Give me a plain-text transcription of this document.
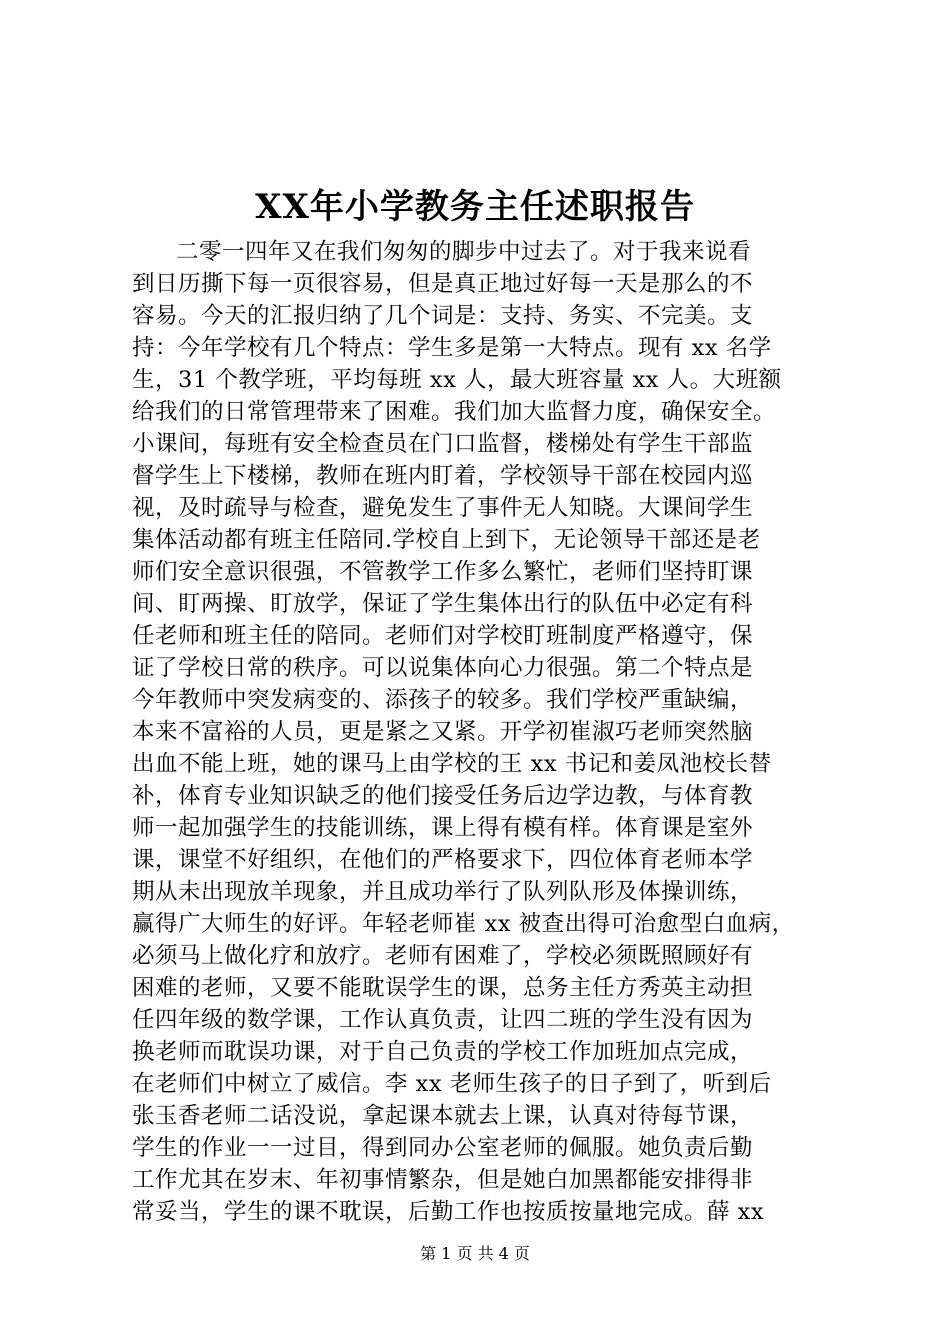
XX年小学教务主任述职报告
二零一四年又在我们匆匆的脚步中过去了。对于我来说看
到日历撕下每一页很容易，但是真正地过好每一天是那么的不
容易。今天的汇报归纳了几个词是：支持、务实、不完美。支
持：今年学校有几个特点：学生多是第一大特点。现有 xx 名学
生，31 个教学班，平均每班 xx 人，最大班容量 xx 人。大班额
给我们的日常管理带来了困难。我们加大监督力度，确保安全。
小课间，每班有安全检查员在门口监督，楼梯处有学生干部监
督学生上下楼梯，教师在班内盯着，学校领导干部在校园内巡
视，及时疏导与检查，避免发生了事件无人知晓。大课间学生
集体活动都有班主任陪同.学校自上到下，无论领导干部还是老
师们安全意识很强，不管教学工作多么繁忙，老师们坚持盯课
间、盯两操、盯放学，保证了学生集体出行的队伍中必定有科
任老师和班主任的陪同。老师们对学校盯班制度严格遵守，保
证了学校日常的秩序。可以说集体向心力很强。第二个特点是
今年教师中突发病变的、添孩子的较多。我们学校严重缺编，
本来不富裕的人员，更是紧之又紧。开学初崔淑巧老师突然脑
出血不能上班，她的课马上由学校的王 xx 书记和姜凤池校长替
补，体育专业知识缺乏的他们接受任务后边学边教，与体育教
师一起加强学生的技能训练，课上得有模有样。体育课是室外
课，课堂不好组织，在他们的严格要求下，四位体育老师本学
期从未出现放羊现象，并且成功举行了队列队形及体操训练，
赢得广大师生的好评。年轻老师崔 xx 被查出得可治愈型白血病，
必须马上做化疗和放疗。老师有困难了，学校必须既照顾好有
困难的老师，又要不能耽误学生的课，总务主任方秀英主动担
任四年级的数学课，工作认真负责，让四二班的学生没有因为
换老师而耽误功课，对于自己负责的学校工作加班加点完成，
在老师们中树立了威信。李 xx 老师生孩子的日子到了，听到后
张玉香老师二话没说，拿起课本就去上课，认真对待每节课，
学生的作业一一过目，得到同办公室老师的佩服。她负责后勤
工作尤其在岁末、年初事情繁杂，但是她白加黑都能安排得非
常妥当，学生的课不耽误，后勤工作也按质按量地完成。薛 xx
第 1 页 共 4 页
